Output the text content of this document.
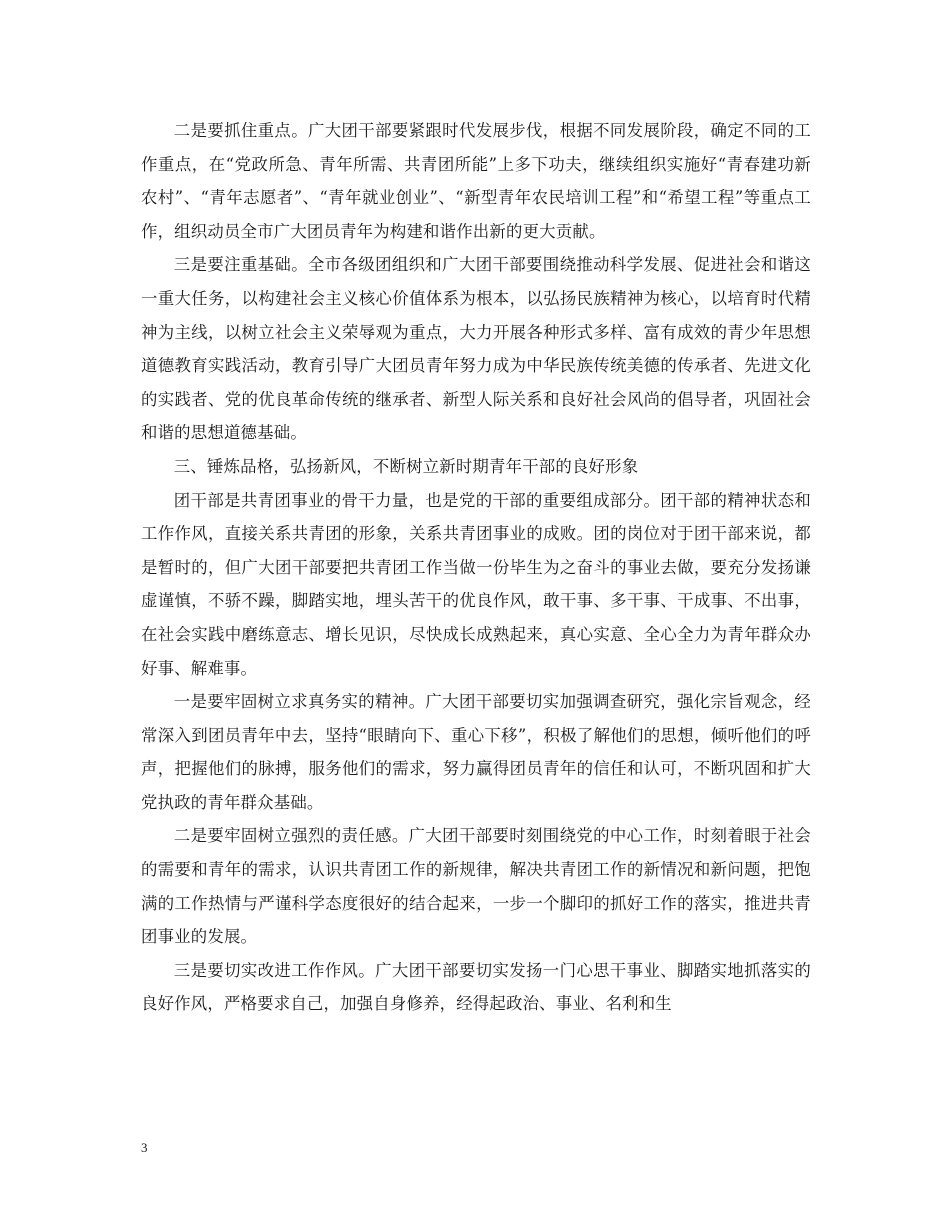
二是要抓住重点。广大团干部要紧跟时代发展步伐，根据不同发展阶段，确定不同的工作重点，在“党政所急、青年所需、共青团所能”上多下功夫，继续组织实施好“青春建功新农村”、“青年志愿者”、“青年就业创业”、“新型青年农民培训工程”和“希望工程”等重点工作，组织动员全市广大团员青年为构建和谐作出新的更大贡献。

三是要注重基础。全市各级团组织和广大团干部要围绕推动科学发展、促进社会和谐这一重大任务，以构建社会主义核心价值体系为根本，以弘扬民族精神为核心，以培育时代精神为主线，以树立社会主义荣辱观为重点，大力开展各种形式多样、富有成效的青少年思想道德教育实践活动，教育引导广大团员青年努力成为中华民族传统美德的传承者、先进文化的实践者、党的优良革命传统的继承者、新型人际关系和良好社会风尚的倡导者，巩固社会和谐的思想道德基础。

三、锤炼品格，弘扬新风，不断树立新时期青年干部的良好形象

团干部是共青团事业的骨干力量，也是党的干部的重要组成部分。团干部的精神状态和工作作风，直接关系共青团的形象，关系共青团事业的成败。团的岗位对于团干部来说，都是暂时的，但广大团干部要把共青团工作当做一份毕生为之奋斗的事业去做，要充分发扬谦虚谨慎，不骄不躁，脚踏实地，埋头苦干的优良作风，敢干事、多干事、干成事、不出事，在社会实践中磨练意志、增长见识，尽快成长成熟起来，真心实意、全心全力为青年群众办好事、解难事。

一是要牢固树立求真务实的精神。广大团干部要切实加强调查研究，强化宗旨观念，经常深入到团员青年中去，坚持“眼睛向下、重心下移”，积极了解他们的思想，倾听他们的呼声，把握他们的脉搏，服务他们的需求，努力赢得团员青年的信任和认可，不断巩固和扩大党执政的青年群众基础。

二是要牢固树立强烈的责任感。广大团干部要时刻围绕党的中心工作，时刻着眼于社会的需要和青年的需求，认识共青团工作的新规律，解决共青团工作的新情况和新问题，把饱满的工作热情与严谨科学态度很好的结合起来，一步一个脚印的抓好工作的落实，推进共青团事业的发展。

三是要切实改进工作作风。广大团干部要切实发扬一门心思干事业、脚踏实地抓落实的良好作风，严格要求自己，加强自身修养，经得起政治、事业、名利和生

3
